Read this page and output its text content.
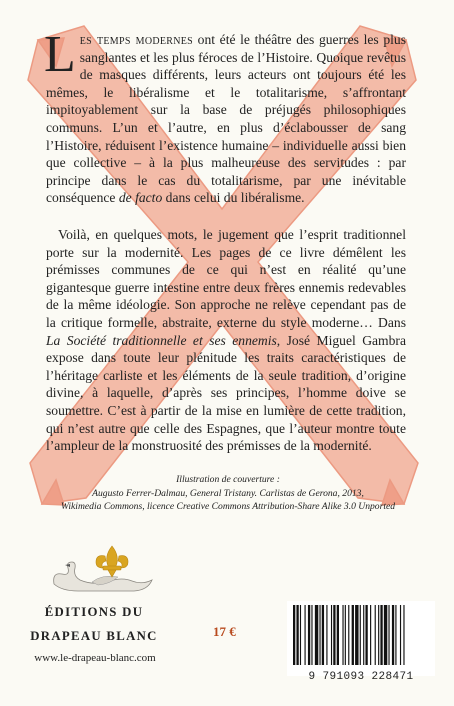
Les temps modernes ont été le théâtre des guerres les plus sanglantes et les plus féroces de l’Histoire. Quoique revêtus de masques différents, leurs acteurs ont toujours été les mêmes, le libéralisme et le totalitarisme, s’affrontant impitoyablement sur la base de préjugés philosophiques communs. L’un et l’autre, en plus d’éclabousser de sang l’Histoire, réduisent l’existence humaine – individuelle aussi bien que collective – à la plus malheureuse des servitudes : par principe dans le cas du totalitarisme, par une inévitable conséquence de facto dans celui du libéralisme.
Voilà, en quelques mots, le jugement que l’esprit traditionnel porte sur la modernité. Les pages de ce livre démêlent les prémisses communes de ce qui n’est en réalité qu’une gigantesque guerre intestine entre deux frères ennemis redevables de la même idéologie. Son approche ne relève cependant pas de la critique formelle, abstraite, externe du style moderne… Dans La Société traditionnelle et ses ennemis, José Miguel Gambra expose dans toute leur plénitude les traits caractéristiques de l’héritage carliste et les éléments de la seule tradition, d’origine divine, à laquelle, d’après ses principes, l’homme doive se soumettre. C’est à partir de la mise en lumière de cette tradition, qui n’est autre que celle des Espagnes, que l’auteur montre toute l’ampleur de la monstruosité des prémisses de la modernité.
Illustration de couverture :
Augusto Ferrer-Dalmau, General Tristany. Carlistas de Gerona, 2013,
Wikimedia Commons, licence Creative Commons Attribution-Share Alike 3.0 Unported
ÉDITIONS DU
DRAPEAU BLANC
www.le-drapeau-blanc.com
17 €
9 791093 228471
